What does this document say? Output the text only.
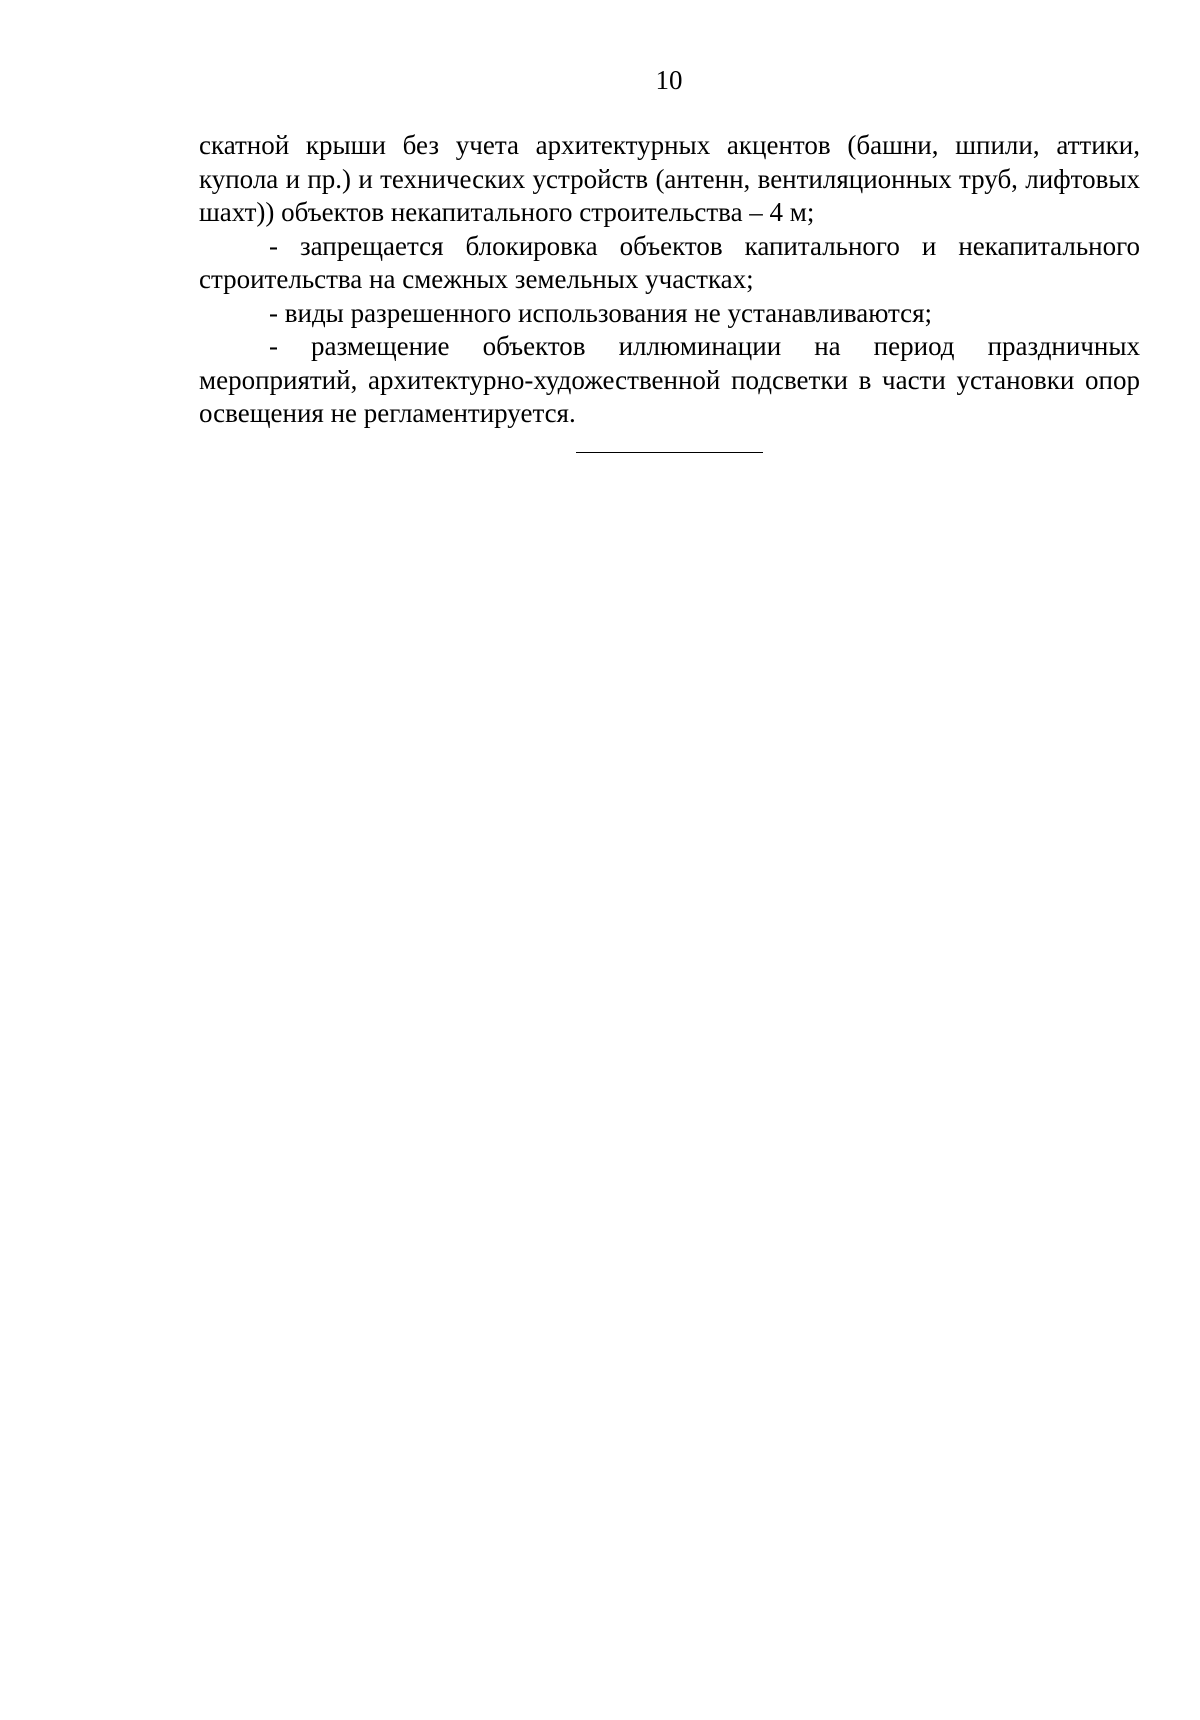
10

скатной крыши без учета архитектурных акцентов (башни, шпили, аттики, купола и пр.) и технических устройств (антенн, вентиляционных труб, лифтовых шахт)) объектов некапитального строительства – 4 м;

- запрещается блокировка объектов капитального и некапитального строительства на смежных земельных участках;

- виды разрешенного использования не устанавливаются;

- размещение объектов иллюминации на период праздничных мероприятий, архитектурно-художественной подсветки в части установки опор освещения не регламентируется.
